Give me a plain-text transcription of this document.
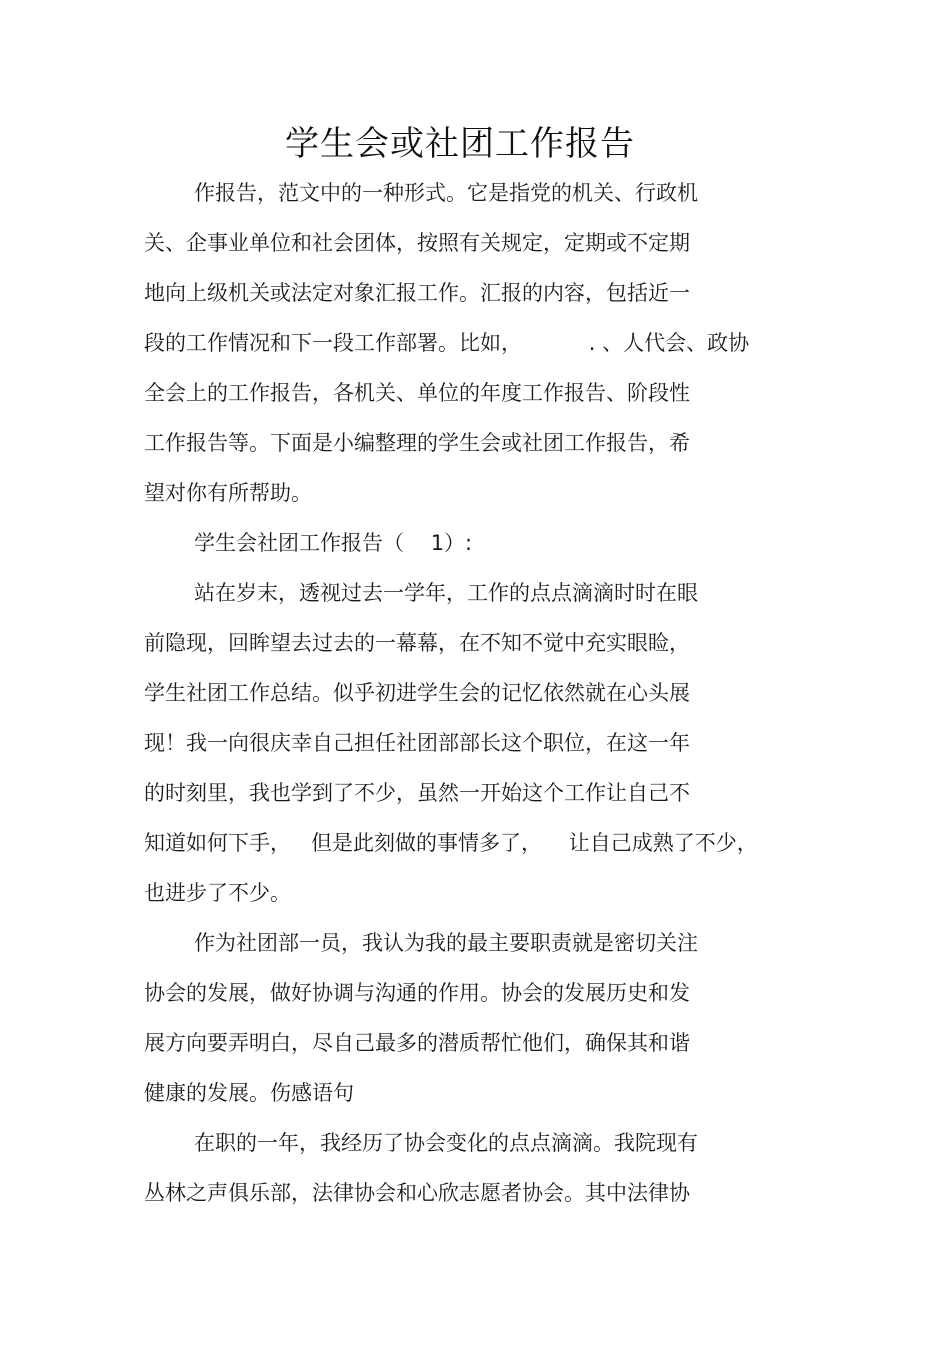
学生会或社团工作报告
作报告，范文中的一种形式。它是指党的机关、行政机
关、企事业单位和社会团体，按照有关规定，定期或不定期
地向上级机关或法定对象汇报工作。汇报的内容，包括近一
段的工作情况和下一段工作部署。比如，          . 、人代会、政协
全会上的工作报告，各机关、单位的年度工作报告、阶段性
工作报告等。下面是小编整理的学生会或社团工作报告，希
望对你有所帮助。
学生会社团工作报告（    1）:
站在岁末，透视过去一学年，工作的点点滴滴时时在眼
前隐现，回眸望去过去的一幕幕，在不知不觉中充实眼睑，
学生社团工作总结。似乎初进学生会的记忆依然就在心头展
现！我一向很庆幸自己担任社团部部长这个职位，在这一年
的时刻里，我也学到了不少，虽然一开始这个工作让自己不
知道如何下手，   但是此刻做的事情多了，    让自己成熟了不少，
也进步了不少。
作为社团部一员，我认为我的最主要职责就是密切关注
协会的发展，做好协调与沟通的作用。协会的发展历史和发
展方向要弄明白，尽自己最多的潜质帮忙他们，确保其和谐
健康的发展。伤感语句
在职的一年，我经历了协会变化的点点滴滴。我院现有
丛林之声俱乐部，法律协会和心欣志愿者协会。其中法律协
